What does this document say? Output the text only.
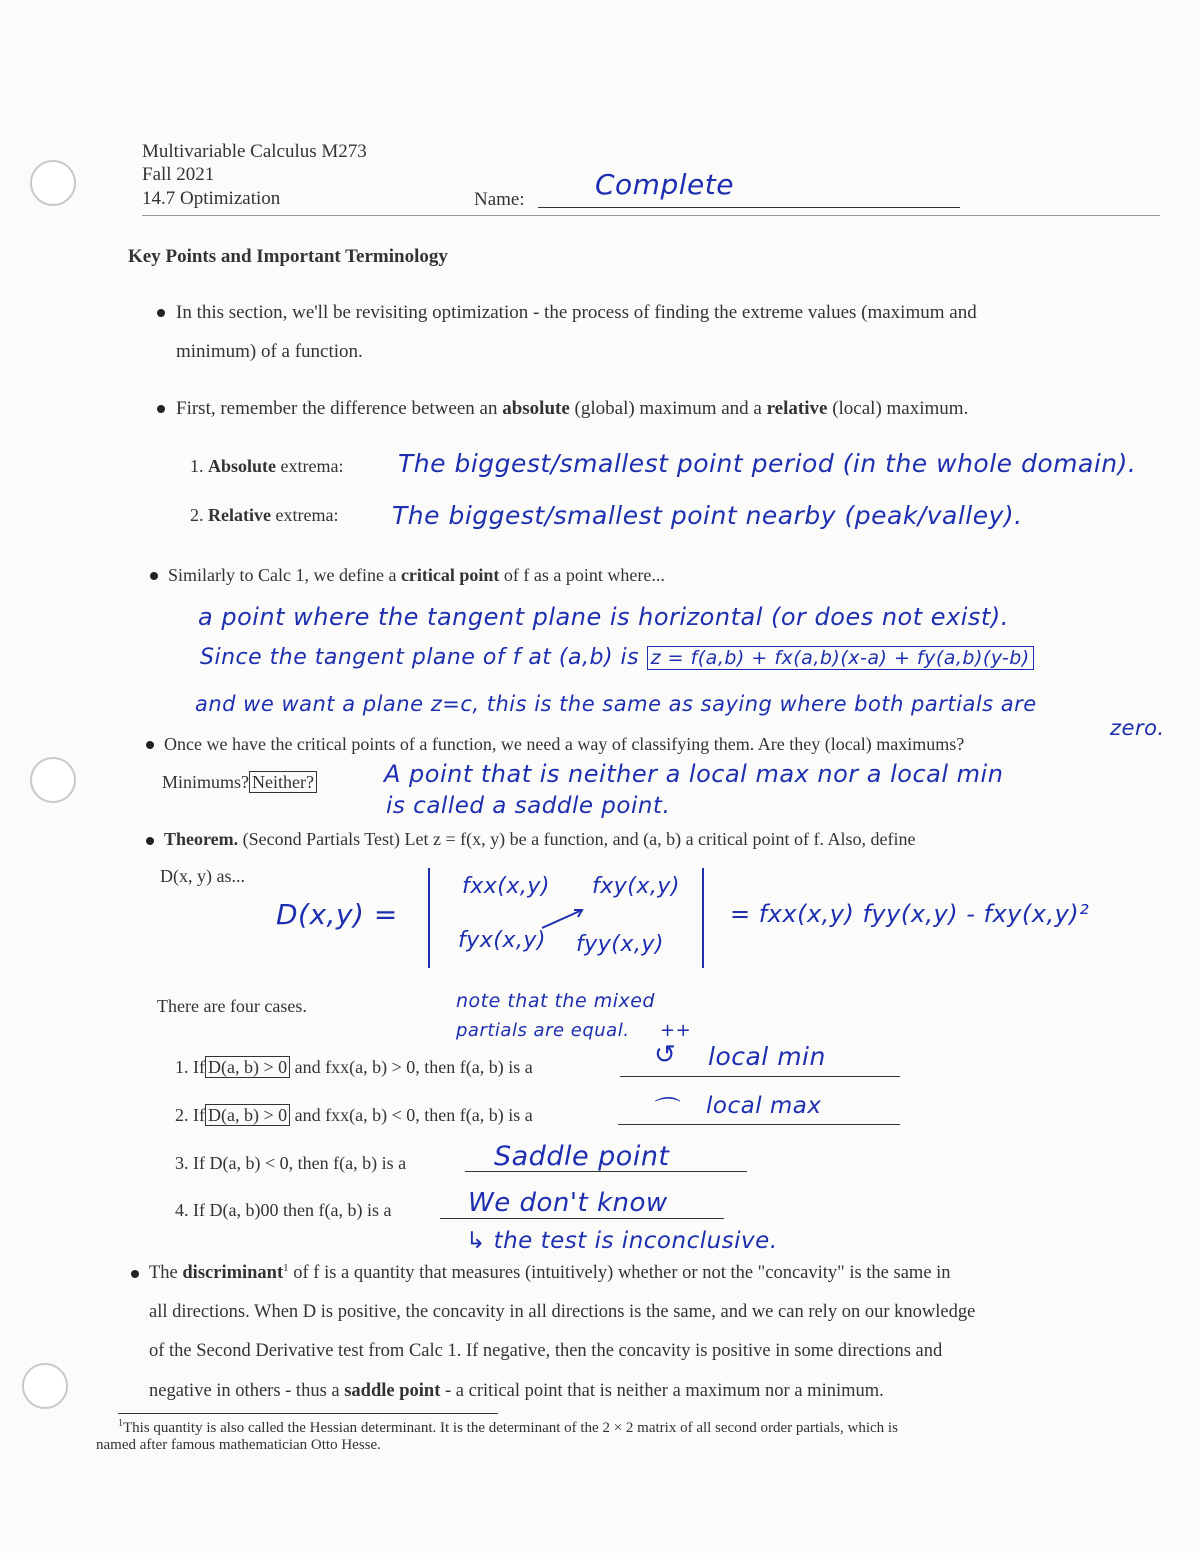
Multivariable Calculus M273
Fall 2021
14.7 Optimization	Name:	Complete
Key Points and Important Terminology
In this section, we'll be revisiting optimization - the process of finding the extreme values (maximum and
minimum) of a function.
First, remember the difference between an absolute (global) maximum and a relative (local) maximum.
1. Absolute extrema: The biggest/smallest point period (in the whole domain).
2. Relative extrema: The biggest/smallest point nearby (peak/valley).
Similarly to Calc 1, we define a critical point of f as a point where...
a point where the tangent plane is horizontal (or does not exist).
Since the tangent plane of f at (a,b) is z = f(a,b) + fx(a,b)(x-a) + fy(a,b)(y-b)
and we want a plane z=c, this is the same as saying where both partials are
zero.
Once we have the critical points of a function, we need a way of classifying them. Are they (local) maximums?
Minimums? Neither?	A point that is neither a local max nor a local min
is called a saddle point.
Theorem. (Second Partials Test) Let z = f(x, y) be a function, and (a, b) a critical point of f. Also, define
D(x, y) as...
D(x,y) =
fxx(x,y) fxy(x,y)
fyx(x,y) fyy(x,y)
= fxx(x,y) fyy(x,y) - fxy(x,y)²
There are four cases.	note that the mixed
partials are equal. ++
1. If D(a, b) > 0 and fxx(a, b) > 0, then f(a, b) is a	↺ local min
2. If D(a, b) > 0 and fxx(a, b) < 0, then f(a, b) is a	⌒ local max
3. If D(a, b) < 0, then f(a, b) is a	Saddle point
4. If D(a, b)00 then f(a, b) is a	We don't know
↳ the test is inconclusive.
The discriminant$^1$ of f is a quantity that measures (intuitively) whether or not the "concavity" is the same in
all directions. When D is positive, the concavity in all directions is the same, and we can rely on our knowledge
of the Second Derivative test from Calc 1. If negative, then the concavity is positive in some directions and
negative in others - thus a saddle point - a critical point that is neither a maximum nor a minimum.
$^1$This quantity is also called the Hessian determinant. It is the determinant of the 2 × 2 matrix of all second order partials, which is
named after famous mathematician Otto Hesse.
